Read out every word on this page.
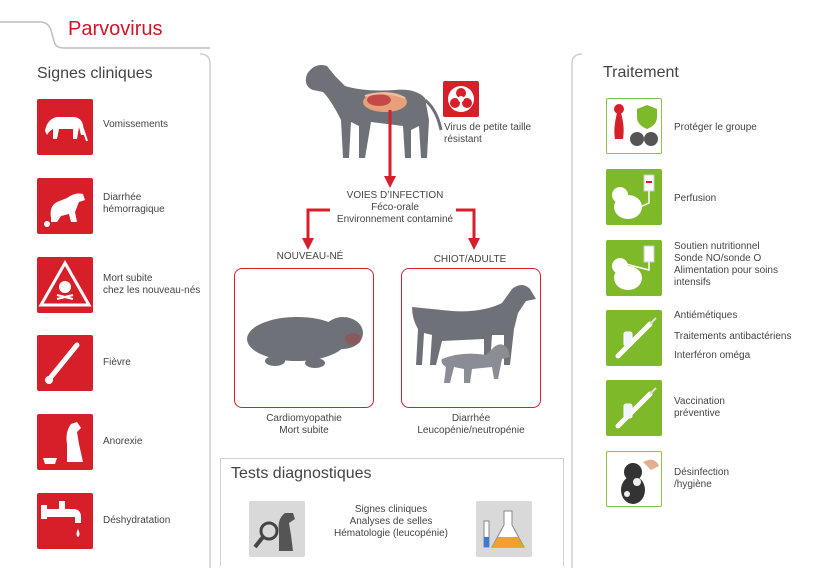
Parvovirus
Signes cliniques
Vomissements
Diarrhée
hémorragique
Mort subite
chez les nouveau-nés
Fièvre
Anorexie
Déshydratation
Virus de petite taille
résistant
VOIES D’INFECTION
Féco-orale
Environnement contaminé
NOUVEAU-NÉ	CHIOT/ADULTE
Cardiomyopathie
Mort subite
Diarrhée
Leucopénie/neutropénie
Tests diagnostiques
Signes cliniques
Analyses de selles
Hématologie (leucopénie)
Traitement
Protéger le groupe
Perfusion
Soutien nutritionnel
Sonde NO/sonde O
Alimentation pour soins
intensifs
Antiémétiques
Traitements antibactériens
Interféron oméga
Vaccination
préventive
Désinfection
/hygiène
